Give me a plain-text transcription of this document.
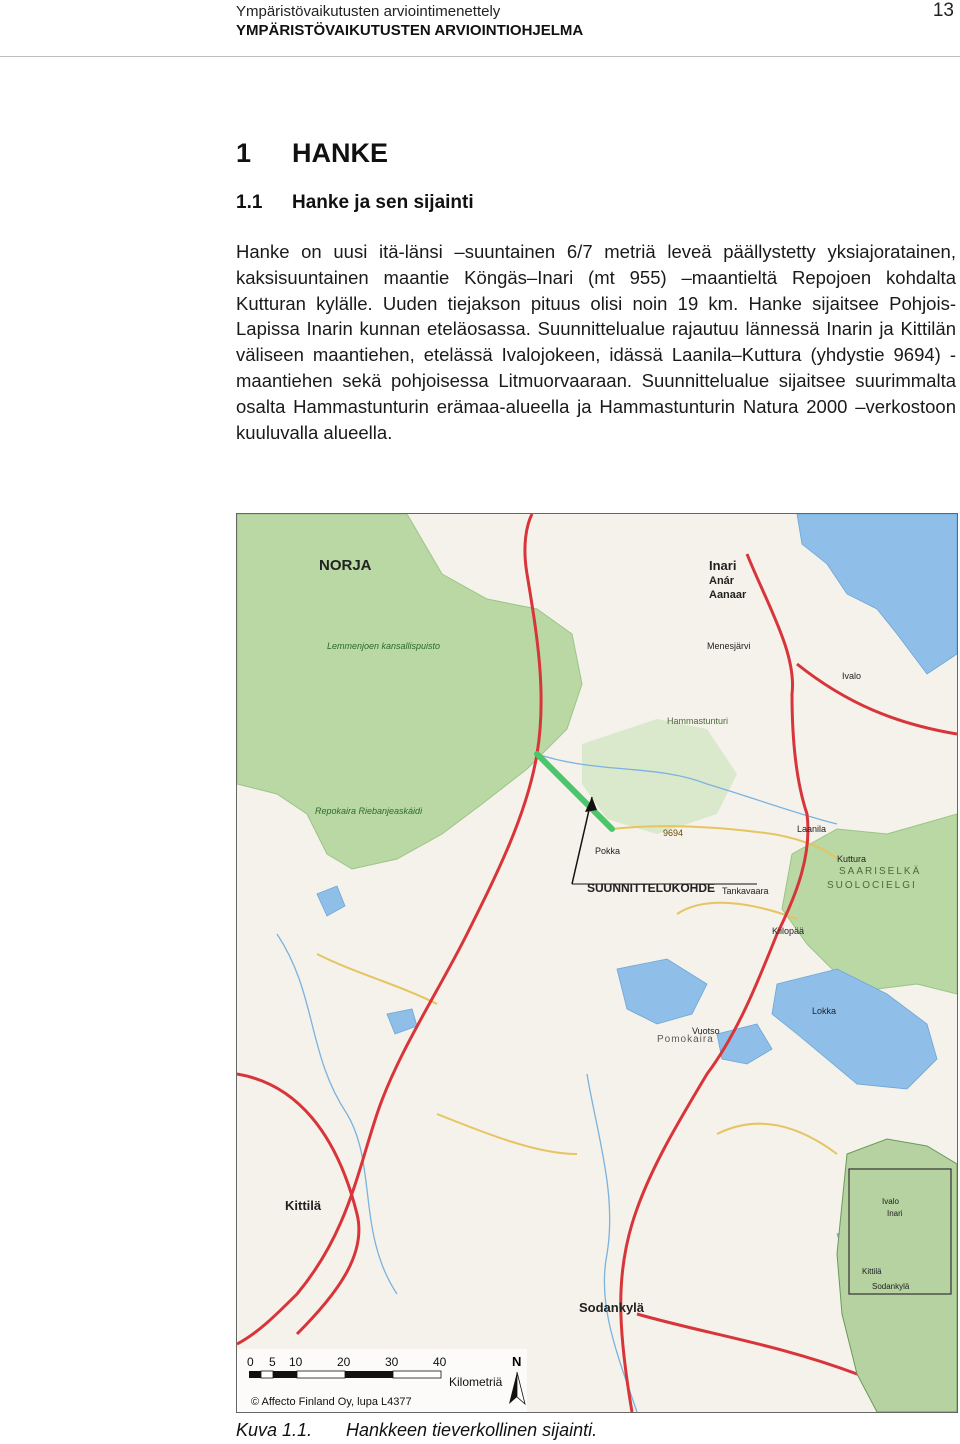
Ympäristövaikutusten arviointimenettely
YMPÄRISTÖVAIKUTUSTEN ARVIOINTIOHJELMA
13
1 HANKE
1.1 Hanke ja sen sijainti

Hanke on uusi itä-länsi –suuntainen 6/7 metriä leveä päällystetty yksiajoratainen, kaksisuuntainen maantie Köngäs–Inari (mt 955) –maantieltä Repojoen kohdalta Kutturan kylälle. Uuden tiejakson pituus olisi noin 19 km. Hanke sijaitsee Pohjois-Lapissa Inarin kunnan eteläosassa. Suunnittelualue rajautuu lännessä Inarin ja Kittilän väliseen maantiehen, etelässä Ivalojokeen, idässä Laanila–Kuttura (yhdystie 9694) -maantiehen sekä pohjoisessa Litmuorvaaraan. Suunnittelualue sijaitsee suurimmalta osalta Hammastunturin erämaa-alueella ja Hammastunturin Natura 2000 –verkostoon kuuluvalla alueella.

NORJA
SUUNNITTELUKOHDE
9694
Inari
Anár
Aanaar
Sodankylä
Kittilä
SAARISELKÄ
SUOLOCIELGI
Pomokaira
Hammastunturi
Lemmenjoen kansallispuisto
Repokaira Riebanjeaskáidi
Pokka
Kuttura
Menesjärvi
Ivalo
Laanila
Vuotso
Tankavaara
Kiilopää
Lokka
Ivalo
Inari
Kittilä
Sodankylä
0 5 10	20	30	40
Kilometriä
© Affecto Finland Oy, lupa L4377
N
Kuva 1.1. Hankkeen tieverkollinen sijainti.
